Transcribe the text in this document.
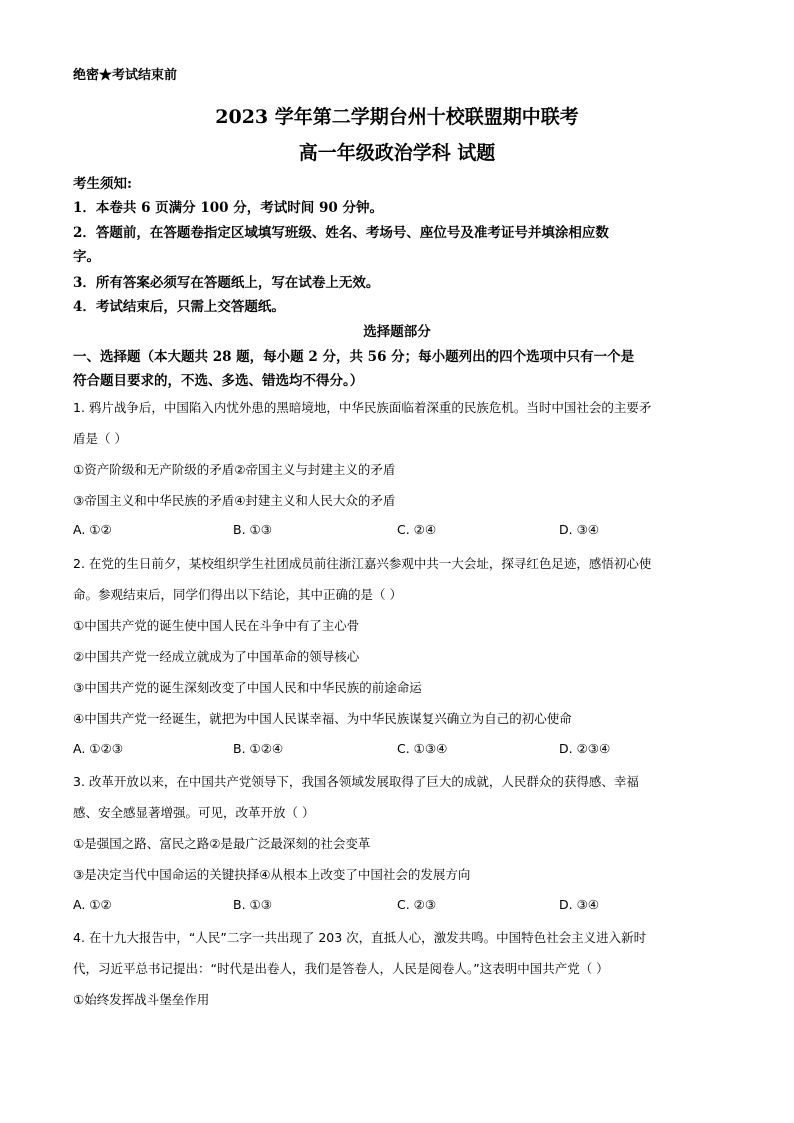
绝密★考试结束前
2023 学年第二学期台州十校联盟期中联考
高一年级政治学科 试题
考生须知:
1．本卷共 6 页满分 100 分，考试时间 90 分钟。
2．答题前，在答题卷指定区域填写班级、姓名、考场号、座位号及准考证号并填涂相应数
字。
3．所有答案必须写在答题纸上，写在试卷上无效。
4．考试结束后，只需上交答题纸。
选择题部分
一、选择题（本大题共 28 题，每小题 2 分，共 56 分；每小题列出的四个选项中只有一个是
符合题目要求的，不选、多选、错选均不得分。）
1. 鸦片战争后，中国陷入内忧外患的黑暗境地，中华民族面临着深重的民族危机。当时中国社会的主要矛
盾是（ ）
①资产阶级和无产阶级的矛盾②帝国主义与封建主义的矛盾
③帝国主义和中华民族的矛盾④封建主义和人民大众的矛盾
A. ①②	B. ①③	C. ②④	D. ③④
2. 在党的生日前夕，某校组织学生社团成员前往浙江嘉兴参观中共一大会址，探寻红色足迹，感悟初心使
命。参观结束后，同学们得出以下结论，其中正确的是（ ）
①中国共产党的诞生使中国人民在斗争中有了主心骨
②中国共产党一经成立就成为了中国革命的领导核心
③中国共产党的诞生深刻改变了中国人民和中华民族的前途命运
④中国共产党一经诞生，就把为中国人民谋幸福、为中华民族谋复兴确立为自己的初心使命
A. ①②③	B. ①②④	C. ①③④	D. ②③④
3. 改革开放以来，在中国共产党领导下，我国各领域发展取得了巨大的成就，人民群众的获得感、幸福
感、安全感显著增强。可见，改革开放（ ）
①是强国之路、富民之路②是最广泛最深刻的社会变革
③是决定当代中国命运的关键抉择④从根本上改变了中国社会的发展方向
A. ①②	B. ①③	C. ②③	D. ③④
4. 在十九大报告中，“人民”二字一共出现了 203 次，直抵人心，激发共鸣。中国特色社会主义进入新时
代，习近平总书记提出：“时代是出卷人，我们是答卷人，人民是阅卷人。”这表明中国共产党（ ）
①始终发挥战斗堡垒作用
